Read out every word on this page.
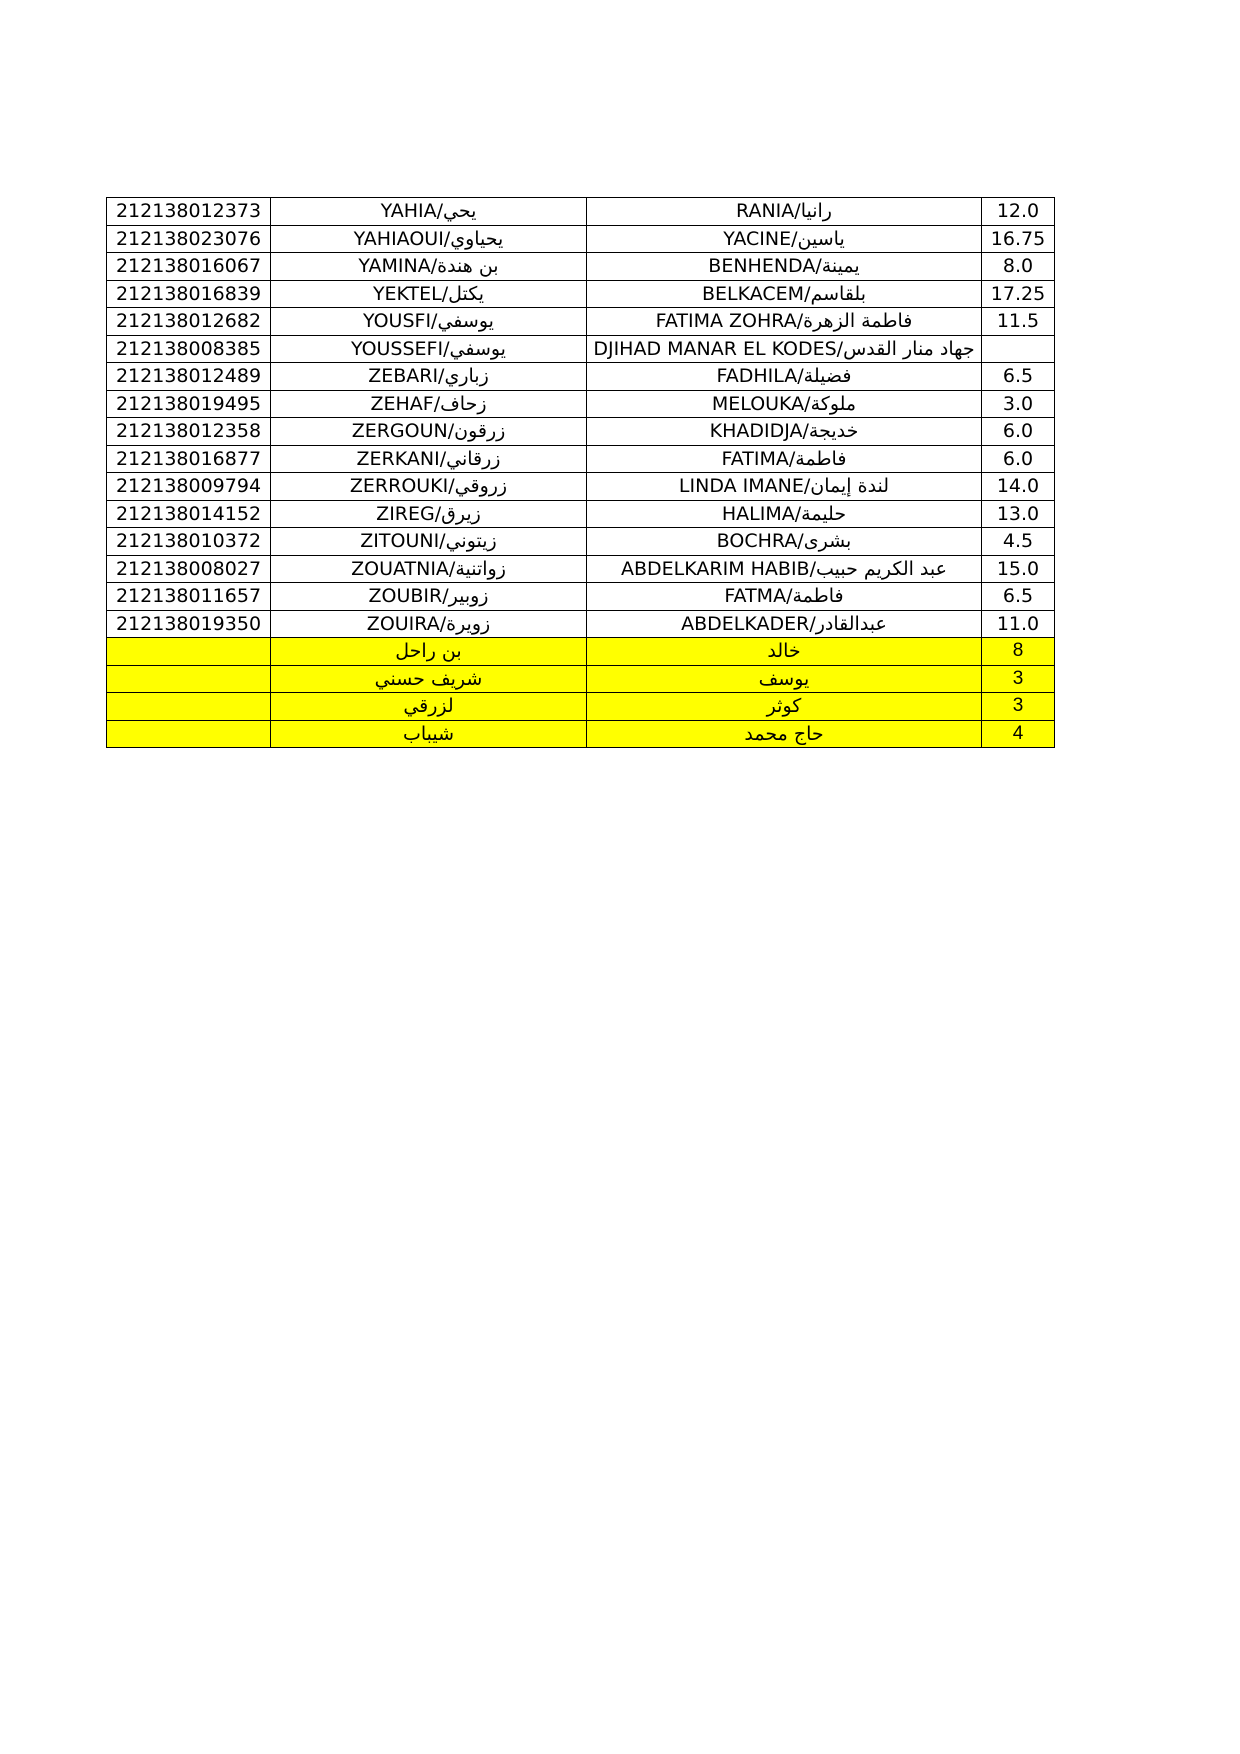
212138012373	YAHIA/يحي	RANIA/رانيا	12.0
212138023076	YAHIAOUI/يحياوي	YACINE/ياسين	16.75
212138016067	YAMINA/بن هندة	BENHENDA/يمينة	8.0
212138016839	YEKTEL/يكتل	BELKACEM/بلقاسم	17.25
212138012682	YOUSFI/يوسفي	FATIMA ZOHRA/فاطمة الزهرة	11.5
212138008385	YOUSSEFI/يوسفي	DJIHAD MANAR EL KODES/جهاد منار القدس	
212138012489	ZEBARI/زباري	FADHILA/فضيلة	6.5
212138019495	ZEHAF/زحاف	MELOUKA/ملوكة	3.0
212138012358	ZERGOUN/زرقون	KHADIDJA/خديجة	6.0
212138016877	ZERKANI/زرقاني	FATIMA/فاطمة	6.0
212138009794	ZERROUKI/زروقي	LINDA IMANE/لندة إيمان	14.0
212138014152	ZIREG/زيرق	HALIMA/حليمة	13.0
212138010372	ZITOUNI/زيتوني	BOCHRA/بشرى	4.5
212138008027	ZOUATNIA/زواتنية	ABDELKARIM HABIB/عبد الكريم حبيب	15.0
212138011657	ZOUBIR/زوبير	FATMA/فاطمة	6.5
212138019350	ZOUIRA/زويرة	ABDELKADER/عبدالقادر	11.0
	بن راحل	خالد	8
	شريف حسني	يوسف	3
	لزرقي	كوثر	3
	شيباب	حاج محمد	4
